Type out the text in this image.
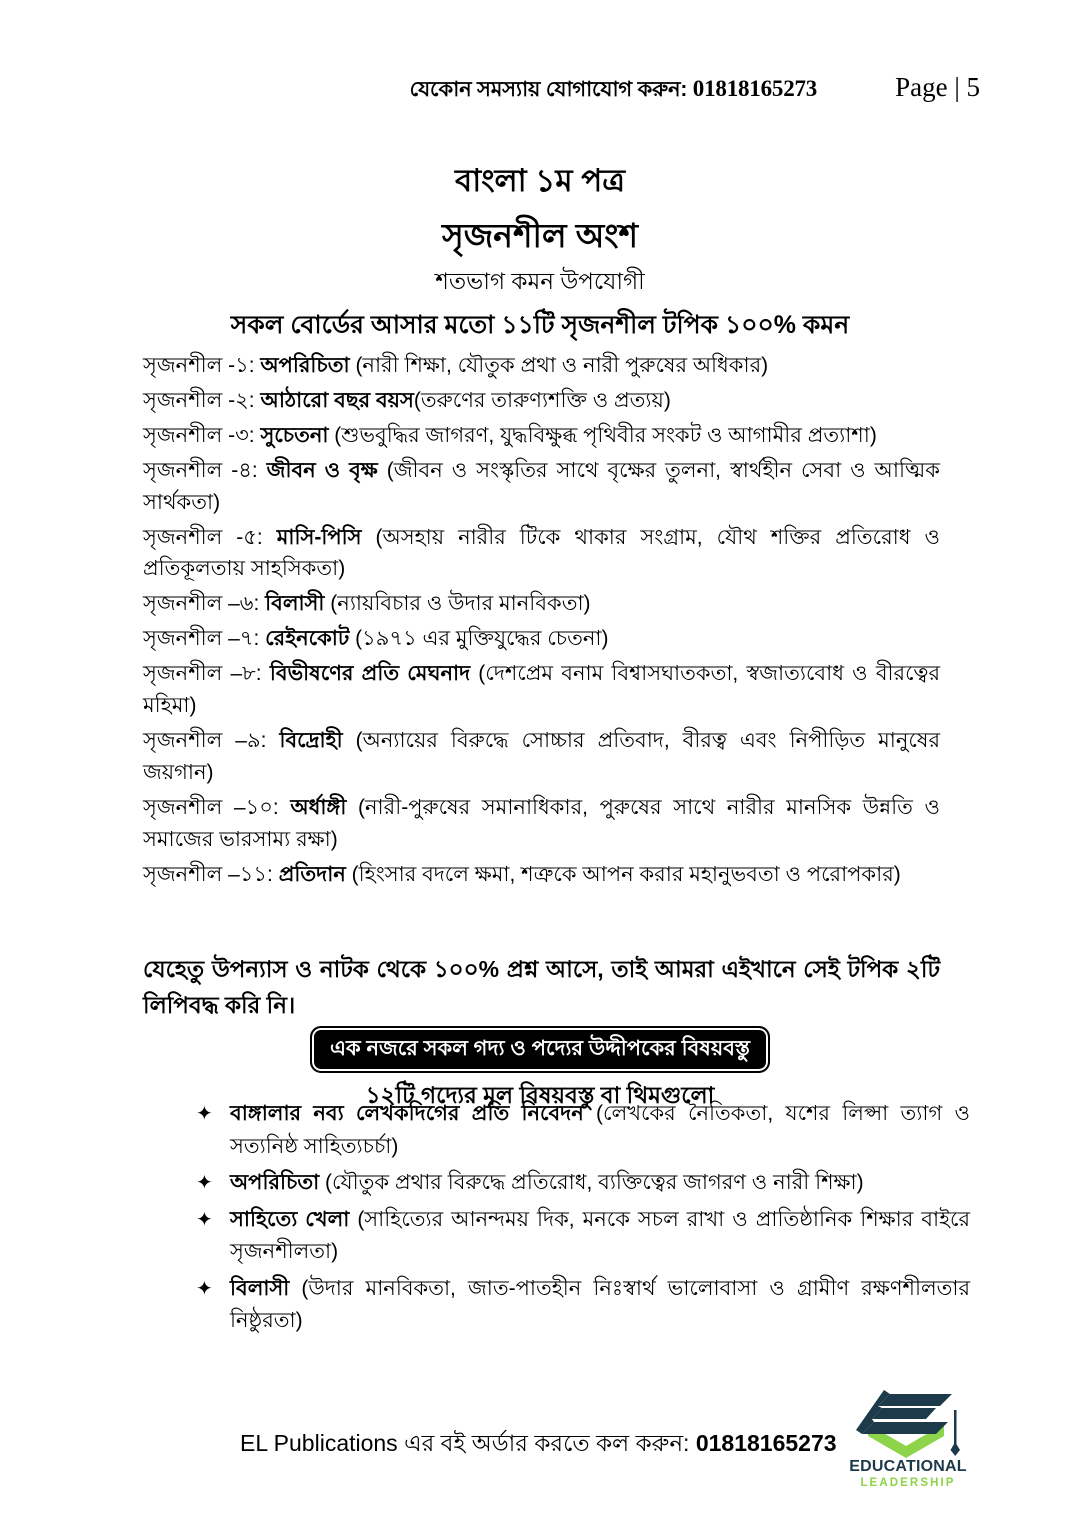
যেকোন সমস্যায় যোগাযোগ করুন: 01818165273	Page | 5
বাংলা ১ম পত্র
সৃজনশীল অংশ
শতভাগ কমন উপযোগী
সকল বোর্ডের আসার মতো ১১টি সৃজনশীল টপিক ১০০% কমন

সৃজনশীল -১: অপরিচিতা (নারী শিক্ষা, যৌতুক প্রথা ও নারী পুরুষের অধিকার)

সৃজনশীল -২: আঠারো বছর বয়স(তরুণের তারুণ্যশক্তি ও প্রত্যয়)

সৃজনশীল -৩: সুচেতনা (শুভবুদ্ধির জাগরণ, যুদ্ধবিক্ষুব্ধ পৃথিবীর সংকট ও আগামীর প্রত্যাশা)

সৃজনশীল -৪: জীবন ও বৃক্ষ (জীবন ও সংস্কৃতির সাথে বৃক্ষের তুলনা, স্বার্থহীন সেবা ও আত্মিক সার্থকতা)

সৃজনশীল -৫: মাসি-পিসি (অসহায় নারীর টিকে থাকার সংগ্রাম, যৌথ শক্তির প্রতিরোধ ও প্রতিকূলতায় সাহসিকতা)

সৃজনশীল –৬: বিলাসী (ন্যায়বিচার ও উদার মানবিকতা)

সৃজনশীল –৭: রেইনকোট (১৯৭১ এর মুক্তিযুদ্ধের চেতনা)

সৃজনশীল –৮: বিভীষণের প্রতি মেঘনাদ (দেশপ্রেম বনাম বিশ্বাসঘাতকতা, স্বজাত্যবোধ ও বীরত্বের মহিমা)

সৃজনশীল –৯: বিদ্রোহী (অন্যায়ের বিরুদ্ধে সোচ্চার প্রতিবাদ, বীরত্ব এবং নিপীড়িত মানুষের জয়গান)

সৃজনশীল –১০: অর্ধাঙ্গী (নারী-পুরুষের সমানাধিকার, পুরুষের সাথে নারীর মানসিক উন্নতি ও সমাজের ভারসাম্য রক্ষা)

সৃজনশীল –১১: প্রতিদান (হিংসার বদলে ক্ষমা, শত্রুকে আপন করার মহানুভবতা ও পরোপকার)

যেহেতু উপন্যাস ও নাটক থেকে ১০০% প্রশ্ন আসে, তাই আমরা এইখানে সেই টপিক ২টি লিপিবদ্ধ করি নি।

এক নজরে সকল গদ্য ও পদ্যের উদ্দীপকের বিষয়বস্তু
১২টি গদ্যের মূল বিষয়বস্তু বা থিমগুলো
✦ বাঙ্গালার নব্য লেখকদিগের প্রতি নিবেদন (লেখকের নৈতিকতা, যশের লিপ্সা ত্যাগ ও সত্যনিষ্ঠ সাহিত্যচর্চা)
✦ অপরিচিতা (যৌতুক প্রথার বিরুদ্ধে প্রতিরোধ, ব্যক্তিত্বের জাগরণ ও নারী শিক্ষা)
✦ সাহিত্যে খেলা (সাহিত্যের আনন্দময় দিক, মনকে সচল রাখা ও প্রাতিষ্ঠানিক শিক্ষার বাইরে সৃজনশীলতা)
✦ বিলাসী (উদার মানবিকতা, জাত-পাতহীন নিঃস্বার্থ ভালোবাসা ও গ্রামীণ রক্ষণশীলতার নিষ্ঠুরতা)
EL Publications এর বই অর্ডার করতে কল করুন: 01818165273
EDUCATIONAL
LEADERSHIP
